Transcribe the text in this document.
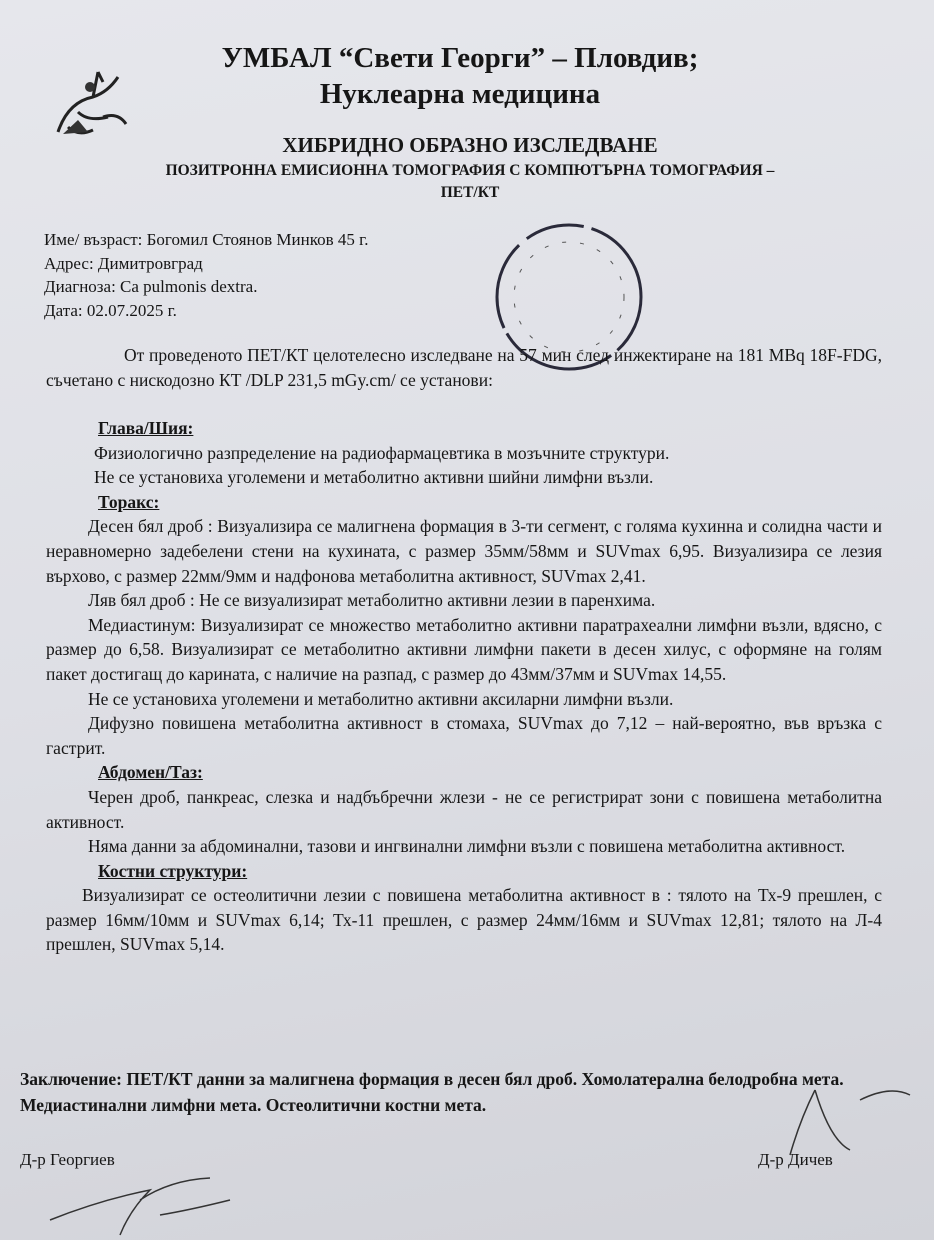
УМБАЛ “Свети Георги” – Пловдив;
Нуклеарна медицина
ХИБРИДНО ОБРАЗНО ИЗСЛЕДВАНЕ
ПОЗИТРОННА ЕМИСИОННА ТОМОГРАФИЯ С КОМПЮТЪРНА ТОМОГРАФИЯ –
ПЕТ/КТ
Име/ възраст: Богомил Стоянов Минков 45 г.
Адрес: Димитровград
Диагноза: Ca pulmonis dextra.
Дата: 02.07.2025 г.

От проведеното ПЕТ/КТ целотелесно изследване на 57 мин след инжектиране на 181 MBq 18F-FDG, съчетано с нискодозно КТ /DLP 231,5 mGy.cm/ се установи:

Глава/Шия:

Физиологично разпределение на радиофармацевтика в мозъчните структури.

Не се установиха уголемени и метаболитно активни шийни лимфни възли.

Торакс:

Десен бял дроб : Визуализира се малигнена формация в 3-ти сегмент, с голяма кухинна и солидна части и неравномерно задебелени стени на кухината, с размер 35мм/58мм и SUVmax 6,95. Визуализира се лезия върхово, с размер 22мм/9мм и надфонова метаболитна активност, SUVmax 2,41.

Ляв бял дроб : Не се визуализират метаболитно активни лезии в паренхима.

Медиастинум: Визуализират се множество метаболитно активни паратрахеални лимфни възли, вдясно, с размер до 6,58. Визуализират се метаболитно активни лимфни пакети в десен хилус, с оформяне на голям пакет достигащ до карината, с наличие на разпад, с размер до 43мм/37мм и SUVmax 14,55.

Не се установиха уголемени и метаболитно активни аксиларни лимфни възли.

Дифузно повишена метаболитна активност в стомаха, SUVmax до 7,12 – най-вероятно, във връзка с гастрит.

Абдомен/Таз:

Черен дроб, панкреас, слезка и надбъбречни жлези - не се регистрират зони с повишена метаболитна активност.

Няма данни за абдоминални, тазови и ингвинални лимфни възли с повишена метаболитна активност.

Костни структури:

Визуализират се остеолитични лезии с повишена метаболитна активност в : тялото на Тх-9 прешлен, с размер 16мм/10мм и SUVmax 6,14; Тх-11 прешлен, с размер 24мм/16мм и SUVmax 12,81; тялото на Л-4 прешлен, SUVmax 5,14.

Заключение: ПЕТ/КТ данни за малигнена формация в десен бял дроб. Хомолатерална белодробна мета. Медиастинални лимфни мета. Остеолитични костни мета.
Д-р Георгиев	Д-р Дичев
